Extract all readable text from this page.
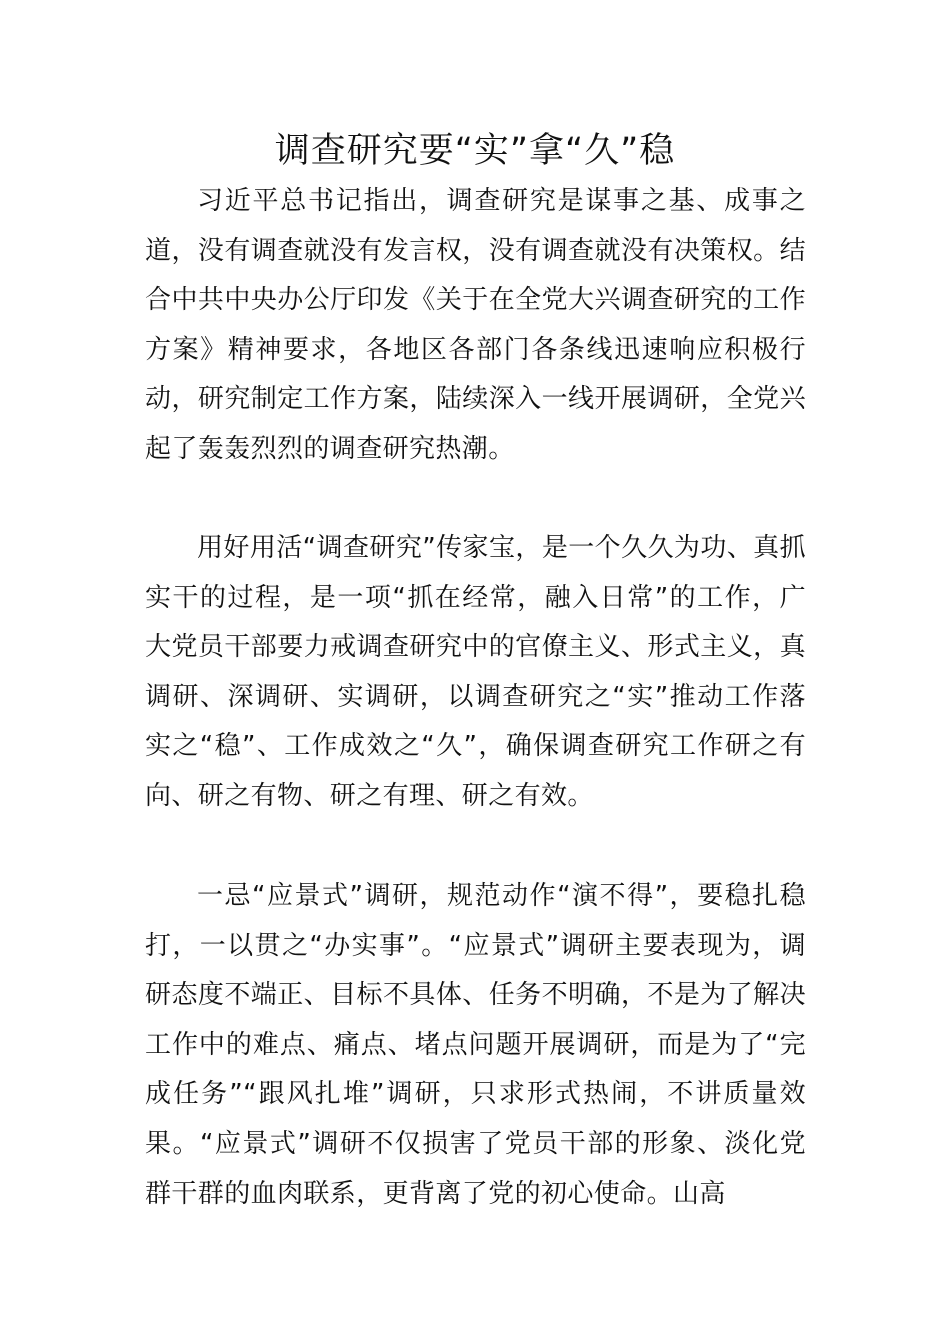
调查研究要“实”拿“久”稳

习近平总书记指出，调查研究是谋事之基、成事之道，没有调查就没有发言权，没有调查就没有决策权。结合中共中央办公厅印发《关于在全党大兴调查研究的工作方案》精神要求，各地区各部门各条线迅速响应积极行动，研究制定工作方案，陆续深入一线开展调研，全党兴起了轰轰烈烈的调查研究热潮。

用好用活“调查研究”传家宝，是一个久久为功、真抓实干的过程，是一项“抓在经常，融入日常”的工作，广大党员干部要力戒调查研究中的官僚主义、形式主义，真调研、深调研、实调研，以调查研究之“实”推动工作落实之“稳”、工作成效之“久”，确保调查研究工作研之有向、研之有物、研之有理、研之有效。

一忌“应景式”调研，规范动作“演不得”，要稳扎稳打，一以贯之“办实事”。“应景式”调研主要表现为，调研态度不端正、目标不具体、任务不明确，不是为了解决工作中的难点、痛点、堵点问题开展调研，而是为了“完成任务”“跟风扎堆”调研，只求形式热闹，不讲质量效果。“应景式”调研不仅损害了党员干部的形象、淡化党群干群的血肉联系，更背离了党的初心使命。山高
